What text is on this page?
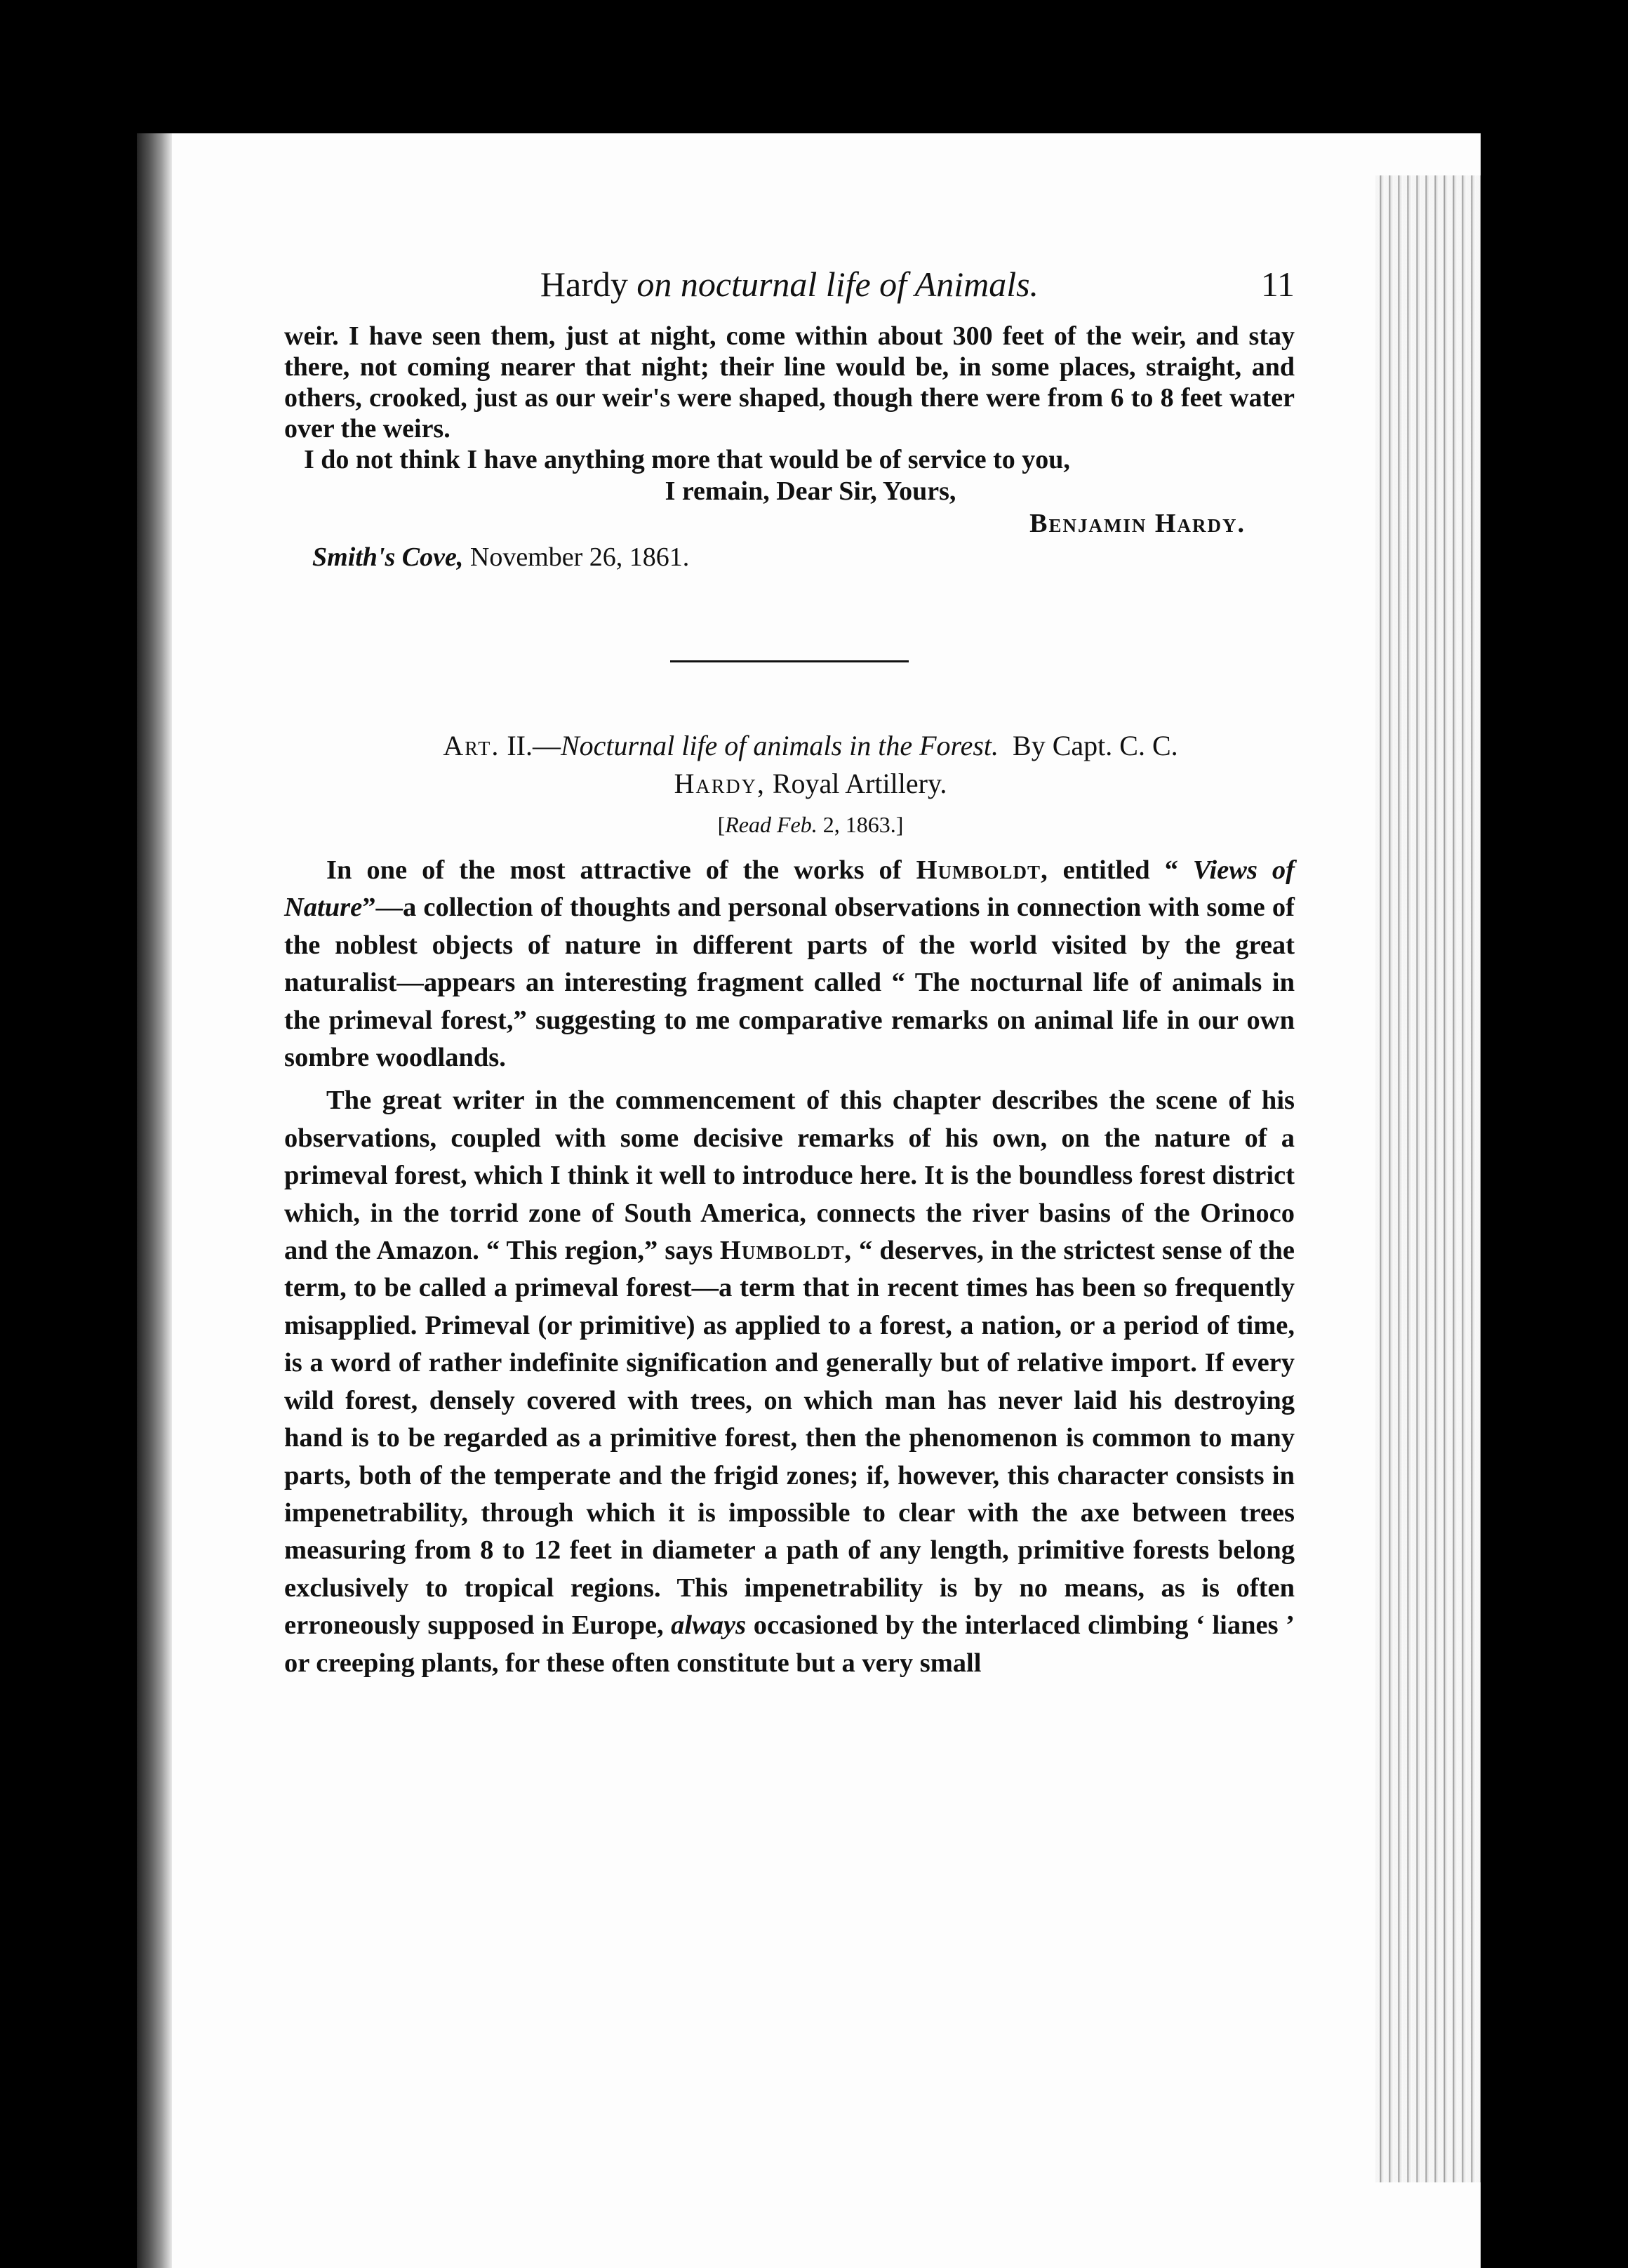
Hardy on nocturnal life of Animals.	11

weir. I have seen them, just at night, come within about 300 feet of the weir, and stay there, not coming nearer that night; their line would be, in some places, straight, and others, crooked, just as our weir's were shaped, though there were from 6 to 8 feet water over the weirs.

I do not think I have anything more that would be of service to you,

I remain, Dear Sir, Yours,
Benjamin Hardy.
Smith's Cove, November 26, 1861.
Art. II.—Nocturnal life of animals in the Forest. By Capt. C. C.
Hardy, Royal Artillery.
[Read Feb. 2, 1863.]

In one of the most attractive of the works of Humboldt, entitled “ Views of Nature”—a collection of thoughts and personal observations in connection with some of the noblest objects of nature in different parts of the world visited by the great naturalist—appears an interesting fragment called “ The nocturnal life of animals in the primeval forest,” suggesting to me comparative remarks on animal life in our own sombre woodlands.

The great writer in the commencement of this chapter describes the scene of his observations, coupled with some decisive remarks of his own, on the nature of a primeval forest, which I think it well to introduce here. It is the boundless forest district which, in the torrid zone of South America, connects the river basins of the Orinoco and the Amazon. “ This region,” says Humboldt, “ deserves, in the strictest sense of the term, to be called a primeval forest—a term that in recent times has been so frequently misapplied. Primeval (or primitive) as applied to a forest, a nation, or a period of time, is a word of rather indefinite signification and generally but of relative import. If every wild forest, densely covered with trees, on which man has never laid his destroying hand is to be regarded as a primitive forest, then the phenomenon is common to many parts, both of the temperate and the frigid zones; if, however, this character consists in impenetrability, through which it is impossible to clear with the axe between trees measuring from 8 to 12 feet in diameter a path of any length, primitive forests belong exclusively to tropical regions. This impenetrability is by no means, as is often erroneously supposed in Europe, always occasioned by the interlaced climbing ‘ lianes ’ or creeping plants, for these often constitute but a very small
